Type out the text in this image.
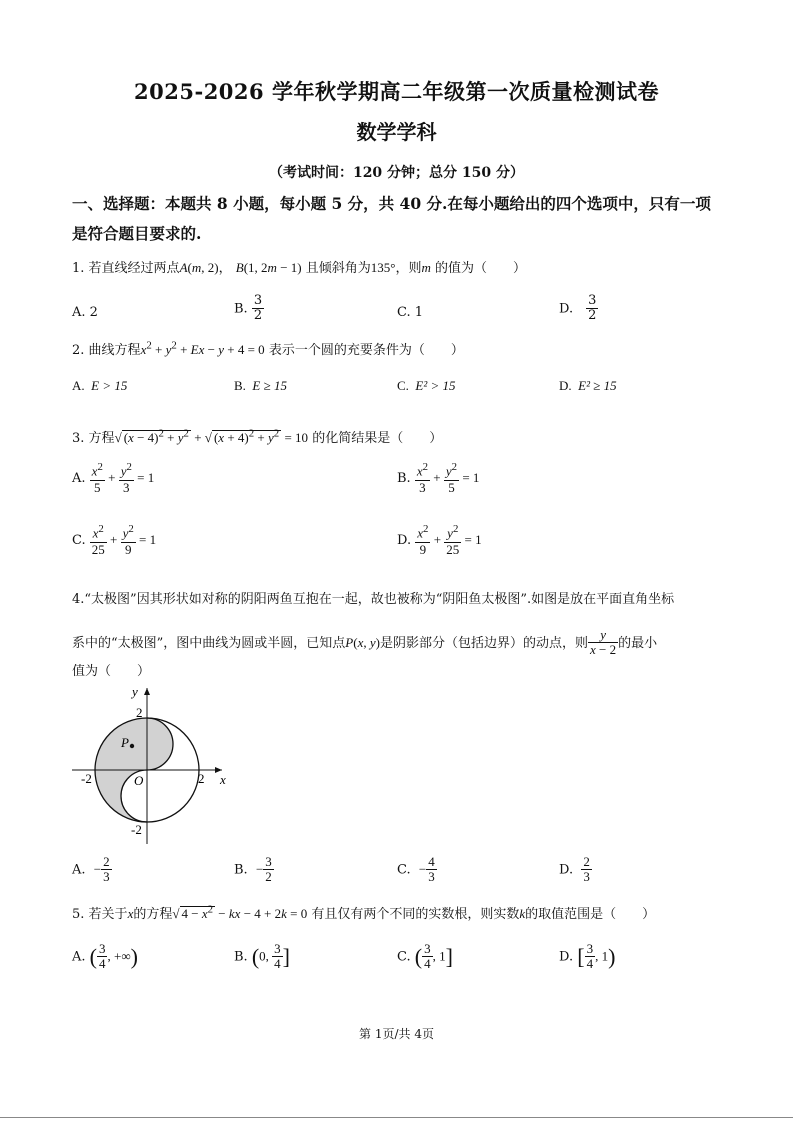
2025-2026 学年秋学期高二年级第一次质量检测试卷
数学学科
（考试时间：120 分钟；总分 150 分）
一、选择题：本题共 8 小题，每小题 5 分，共 40 分.在每小题给出的四个选项中，只有一项
是符合题目要求的.
1. 若直线经过两点A(m, 2)， B(1, 2m − 1) 且倾斜角为135°，则m 的值为（　　）
A. 2	B. $\frac{3}{2}$	C. 1	D.　 $\frac{3}{2}$
2. 曲线方程$x^2 + y^2 + Ex - y + 4 = 0$ 表示一个圆的充要条件为（　　）
A. E > 15	B. E ≥ 15	C. E² > 15	D. E² ≥ 15
3. 方程√ $(x - 4)^2 + y^2$ + √ $(x + 4)^2 + y^2 = 10$ 的化简结果是（　　）
A. $\frac{x^2}{5} + \frac{y^2}{3} = 1$	B. $\frac{x^2}{3} + \frac{y^2}{5} = 1$
C. $\frac{x^2}{25} + \frac{y^2}{9} = 1$	D. $\frac{x^2}{9} + \frac{y^2}{25} = 1$
4.“太极图”因其形状如对称的阴阳两鱼互抱在一起，故也被称为“阴阳鱼太极图”.如图是放在平面直角坐标
系中的“太极图”，图中曲线为圆或半圆，已知点P(x, y)是阴影部分（包括边界）的动点，则 $\frac{y}{x - 2}$ 的最小
值为（　　）
y
x
O
P
2
-2
-2	2
A. − $\frac{2}{3}$	B. − $\frac{3}{2}$	C. − $\frac{4}{3}$	D. $\frac{2}{3}$
5. 若关于x的方程√ $4 - x^2$ − kx − 4 + 2k = 0 有且仅有两个不同的实数根，则实数k的取值范围是（　　）
A. ( $\frac{3}{4}$ , +∞)	B. (0, $\frac{3}{4}$ ]	C. ( $\frac{3}{4}$ , 1]	D. [ $\frac{3}{4}$ , 1)
第 1页/共 4页
